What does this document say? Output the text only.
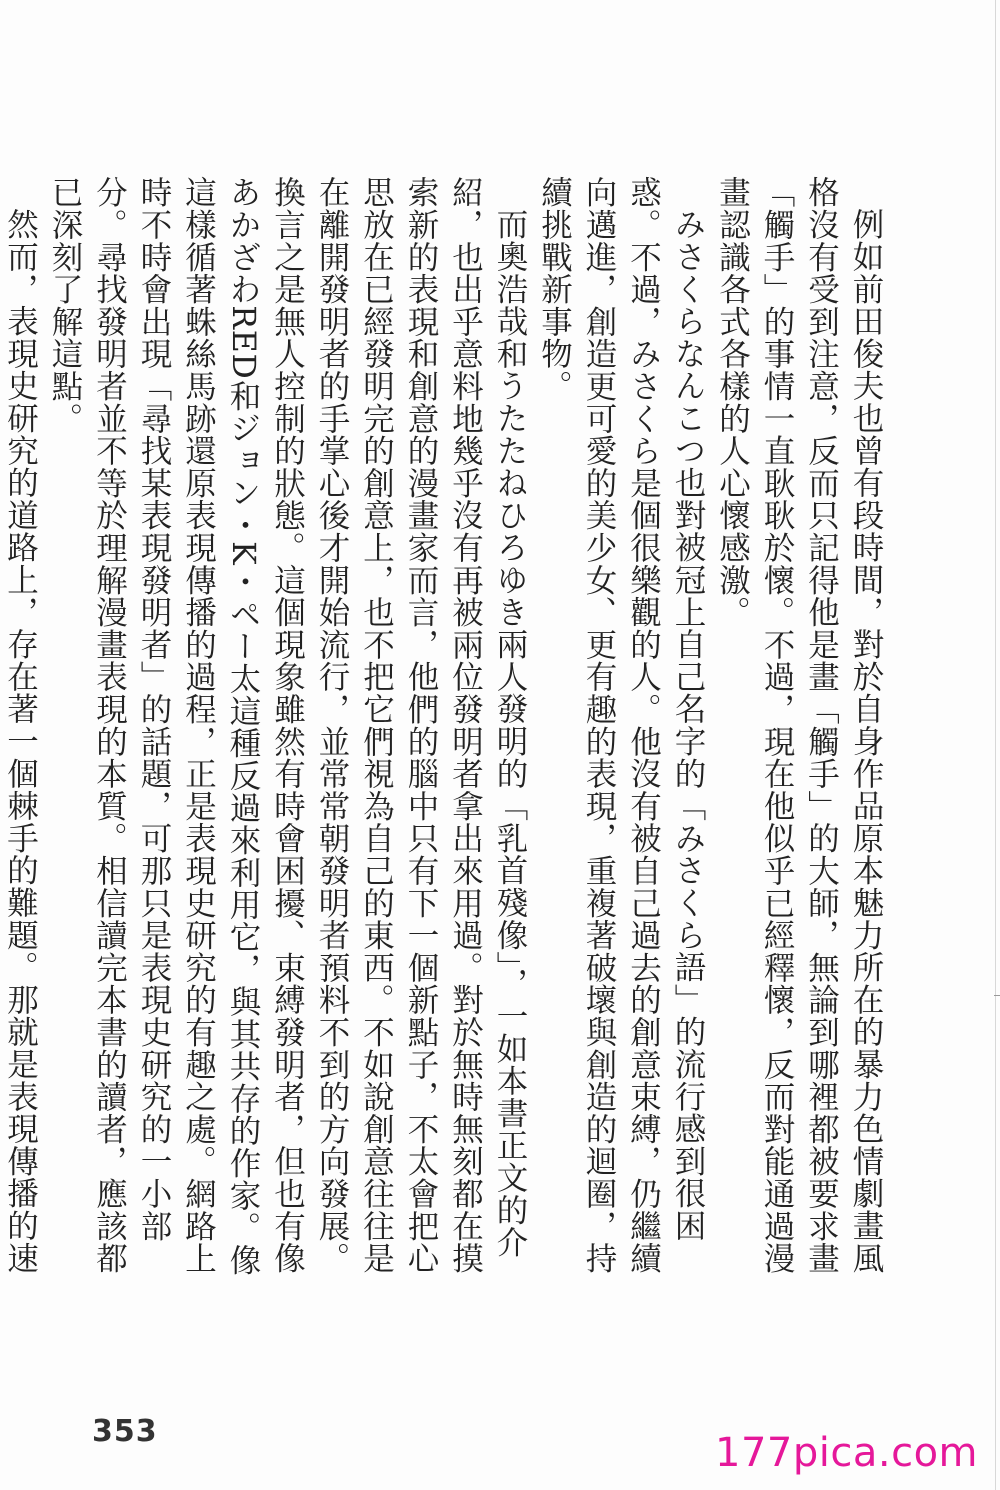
例如前田俊夫也曾有段時間，對於自身作品原本魅力所在的暴力色情劇畫風格沒有受到注意，反而只記得他是畫「觸手」的大師，無論到哪裡都被要求畫「觸手」的事情一直耿耿於懷。不過，現在他似乎已經釋懷，反而對能通過漫畫認識各式各樣的人心懷感激。

みさくらなんこつ也對被冠上自己名字的「みさくら語」的流行感到很困惑。不過，みさくら是個很樂觀的人。他沒有被自己過去的創意束縛，仍繼續向邁進，創造更可愛的美少女、更有趣的表現，重複著破壞與創造的迴圈，持續挑戰新事物。

而奧浩哉和うたたねひろゆき兩人發明的「乳首殘像」，一如本書正文的介紹，也出乎意料地幾乎沒有再被兩位發明者拿出來用過。對於無時無刻都在摸索新的表現和創意的漫畫家而言，他們的腦中只有下一個新點子，不太會把心思放在已經發明完的創意上，也不把它們視為自己的東西。不如說創意往往是在離開發明者的手掌心後才開始流行，並常常朝發明者預料不到的方向發展。換言之是無人控制的狀態。這個現象雖然有時會困擾、束縛發明者，但也有像あかざわRED和ジョン・K・ペー太這種反過來利用它，與其共存的作家。像這樣循著蛛絲馬跡還原表現傳播的過程，正是表現史研究的有趣之處。網路上時不時會出現「尋找某表現發明者」的話題，可那只是表現史研究的一小部分。尋找發明者並不等於理解漫畫表現的本質。相信讀完本書的讀者，應該都已深刻了解這點。

然而，表現史研究的道路上，存在著一個棘手的難題。那就是表現傳播的速

353	177pica.com
